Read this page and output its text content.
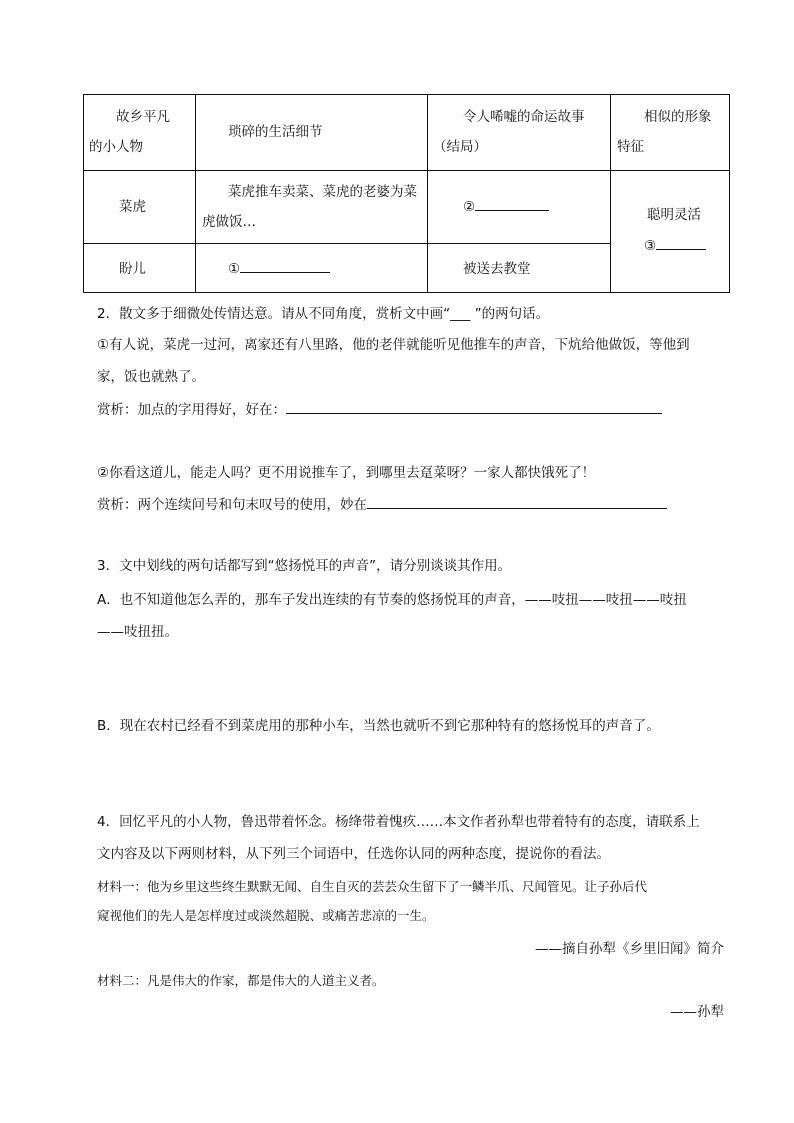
故乡平凡
的小人物
琐碎的生活细节
令人唏嘘的命运故事
（结局）
相似的形象
特征
菜虎
菜虎推车卖菜、菜虎的老婆为菜
虎做饭…
②
盼儿	①	被送去教堂
聪明灵活
③
2．散文多于细微处传情达意。请从不同角度，赏析文中画“___ ”的两句话。
①有人说，菜虎一过河，离家还有八里路，他的老伴就能听见他推车的声音，下炕给他做饭，等他到
家，饭也就熟了。
赏析：加点的字用得好，好在：
②你看这道儿，能走人吗？更不用说推车了，到哪里去趸菜呀？一家人都快饿死了！
赏析：两个连续问号和句末叹号的使用，妙在
3．文中划线的两句话都写到“悠扬悦耳的声音”，请分别谈谈其作用。
A．也不知道他怎么弄的，那车子发出连续的有节奏的悠扬悦耳的声音，——吱扭——吱扭——吱扭
——吱扭扭。
B．现在农村已经看不到菜虎用的那种小车，当然也就听不到它那种特有的悠扬悦耳的声音了。
4．回忆平凡的小人物，鲁迅带着怀念。杨绛带着愧疚……本文作者孙犁也带着特有的态度，请联系上
文内容及以下两则材料，从下列三个词语中，任选你认同的两种态度，提说你的看法。
材料一：他为乡里这些终生默默无闻、自生自灭的芸芸众生留下了一鳞半爪、尺闻管见。让子孙后代
窥视他们的先人是怎样度过或淡然超脱、或痛苦悲凉的一生。
——摘自孙犁《乡里旧闻》简介
材料二：凡是伟大的作家，都是伟大的人道主义者。
——孙犁
